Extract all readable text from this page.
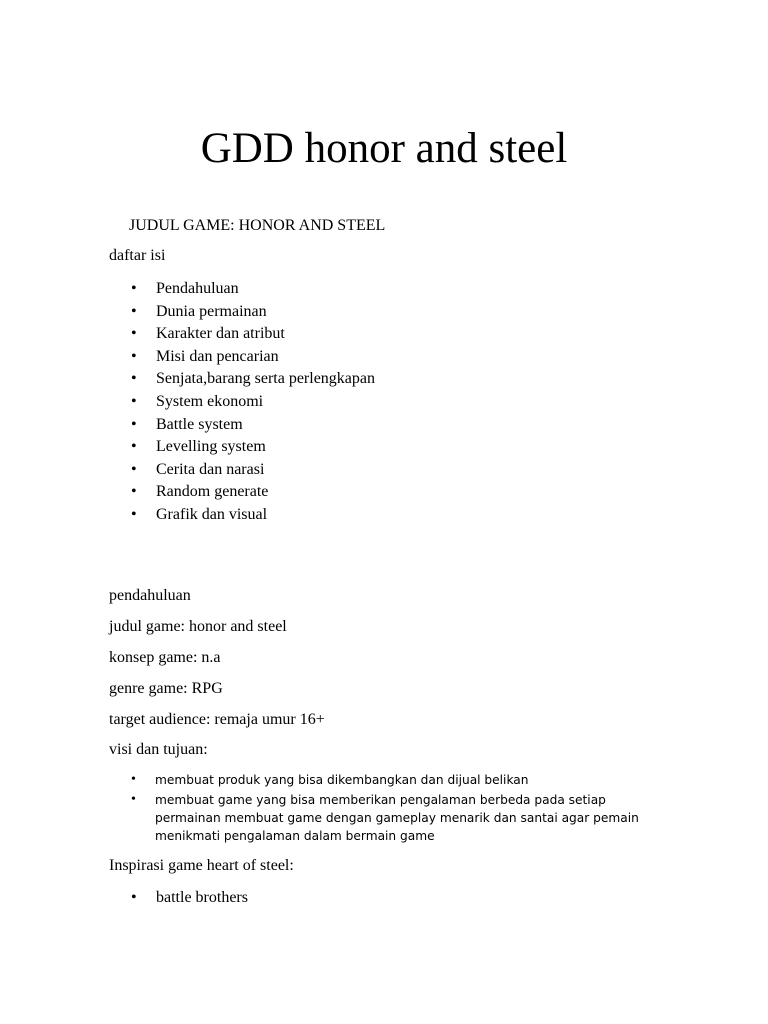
GDD honor and steel

JUDUL GAME: HONOR AND STEEL

daftar isi

• Pendahuluan
• Dunia permainan
• Karakter dan atribut
• Misi dan pencarian
• Senjata,barang serta perlengkapan
• System ekonomi
• Battle system
• Levelling system
• Cerita dan narasi
• Random generate
• Grafik dan visual

pendahuluan

judul game: honor and steel

konsep game: n.a

genre game: RPG

target audience: remaja umur 16+

visi dan tujuan:

• membuat produk yang bisa dikembangkan dan dijual belikan
• membuat game yang bisa memberikan pengalaman berbeda pada setiap permainan membuat game dengan gameplay menarik dan santai agar pemain menikmati pengalaman dalam bermain game

Inspirasi game heart of steel:

• battle brothers
